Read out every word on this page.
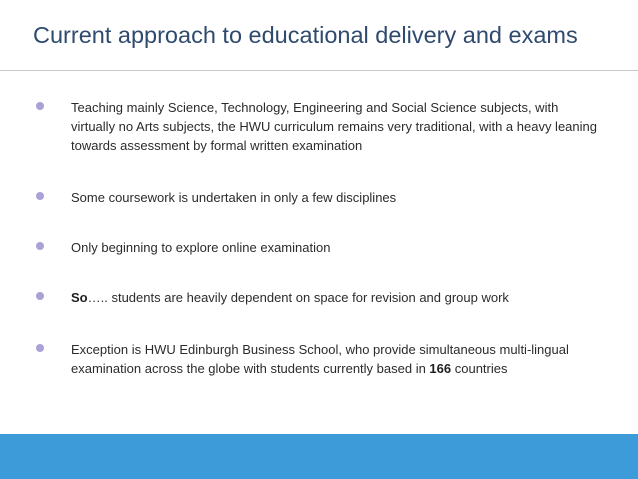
Current approach to educational delivery and exams
Teaching mainly Science, Technology, Engineering and Social Science subjects, with virtually no Arts subjects, the HWU curriculum remains very traditional, with a heavy leaning towards assessment by formal written examination
Some coursework is undertaken in only a few disciplines
Only beginning to explore online examination
So….. students are heavily dependent on space for revision and group work
Exception is HWU Edinburgh Business School, who provide simultaneous multi-lingual examination across the globe with students currently based in 166 countries
